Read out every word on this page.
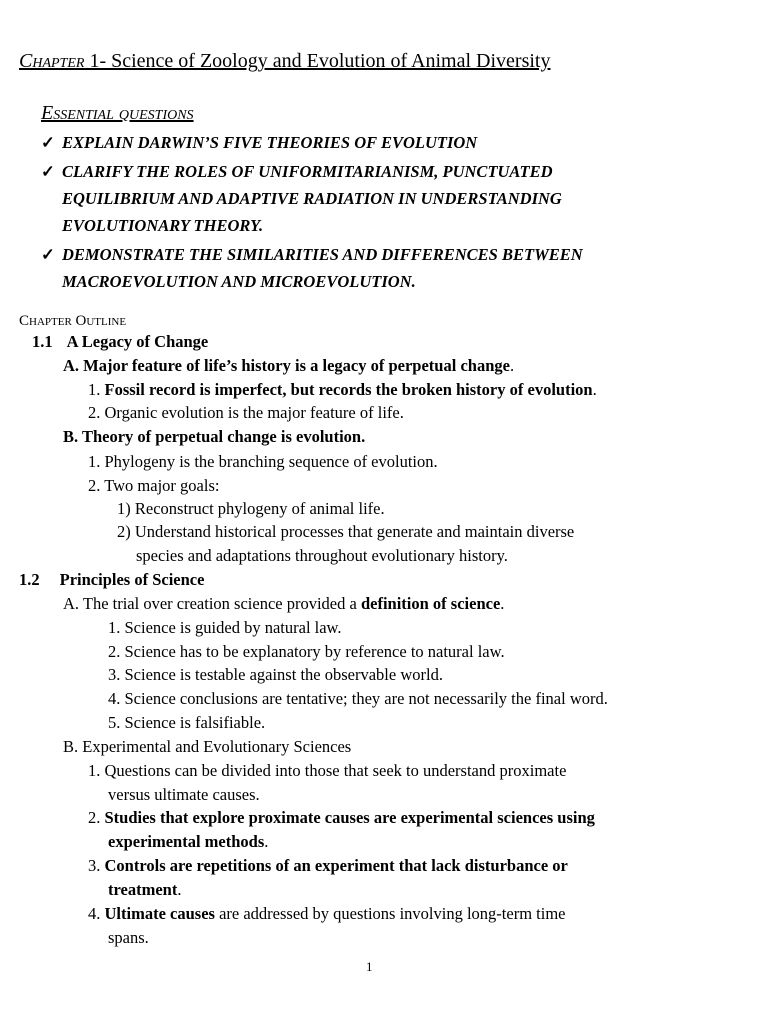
Chapter 1- Science of Zoology and Evolution of Animal Diversity
Essential questions
✓ EXPLAIN DARWIN’S FIVE THEORIES OF EVOLUTION
✓ CLARIFY THE ROLES OF UNIFORMITARIANISM, PUNCTUATED
EQUILIBRIUM AND ADAPTIVE RADIATION IN UNDERSTANDING
EVOLUTIONARY THEORY.
✓ DEMONSTRATE THE SIMILARITIES AND DIFFERENCES BETWEEN
MACROEVOLUTION AND MICROEVOLUTION.
Chapter Outline
1.1 A Legacy of Change
A. Major feature of life’s history is a legacy of perpetual change.
1. Fossil record is imperfect, but records the broken history of evolution.
2. Organic evolution is the major feature of life.
B. Theory of perpetual change is evolution.
1. Phylogeny is the branching sequence of evolution.
2. Two major goals:
1) Reconstruct phylogeny of animal life.
2) Understand historical processes that generate and maintain diverse
species and adaptations throughout evolutionary history.
1.2 Principles of Science
A. The trial over creation science provided a definition of science.
1. Science is guided by natural law.
2. Science has to be explanatory by reference to natural law.
3. Science is testable against the observable world.
4. Science conclusions are tentative; they are not necessarily the final word.
5. Science is falsifiable.
B. Experimental and Evolutionary Sciences
1. Questions can be divided into those that seek to understand proximate
versus ultimate causes.
2. Studies that explore proximate causes are experimental sciences using
experimental methods.
3. Controls are repetitions of an experiment that lack disturbance or
treatment.
4. Ultimate causes are addressed by questions involving long-term time
spans.
1
